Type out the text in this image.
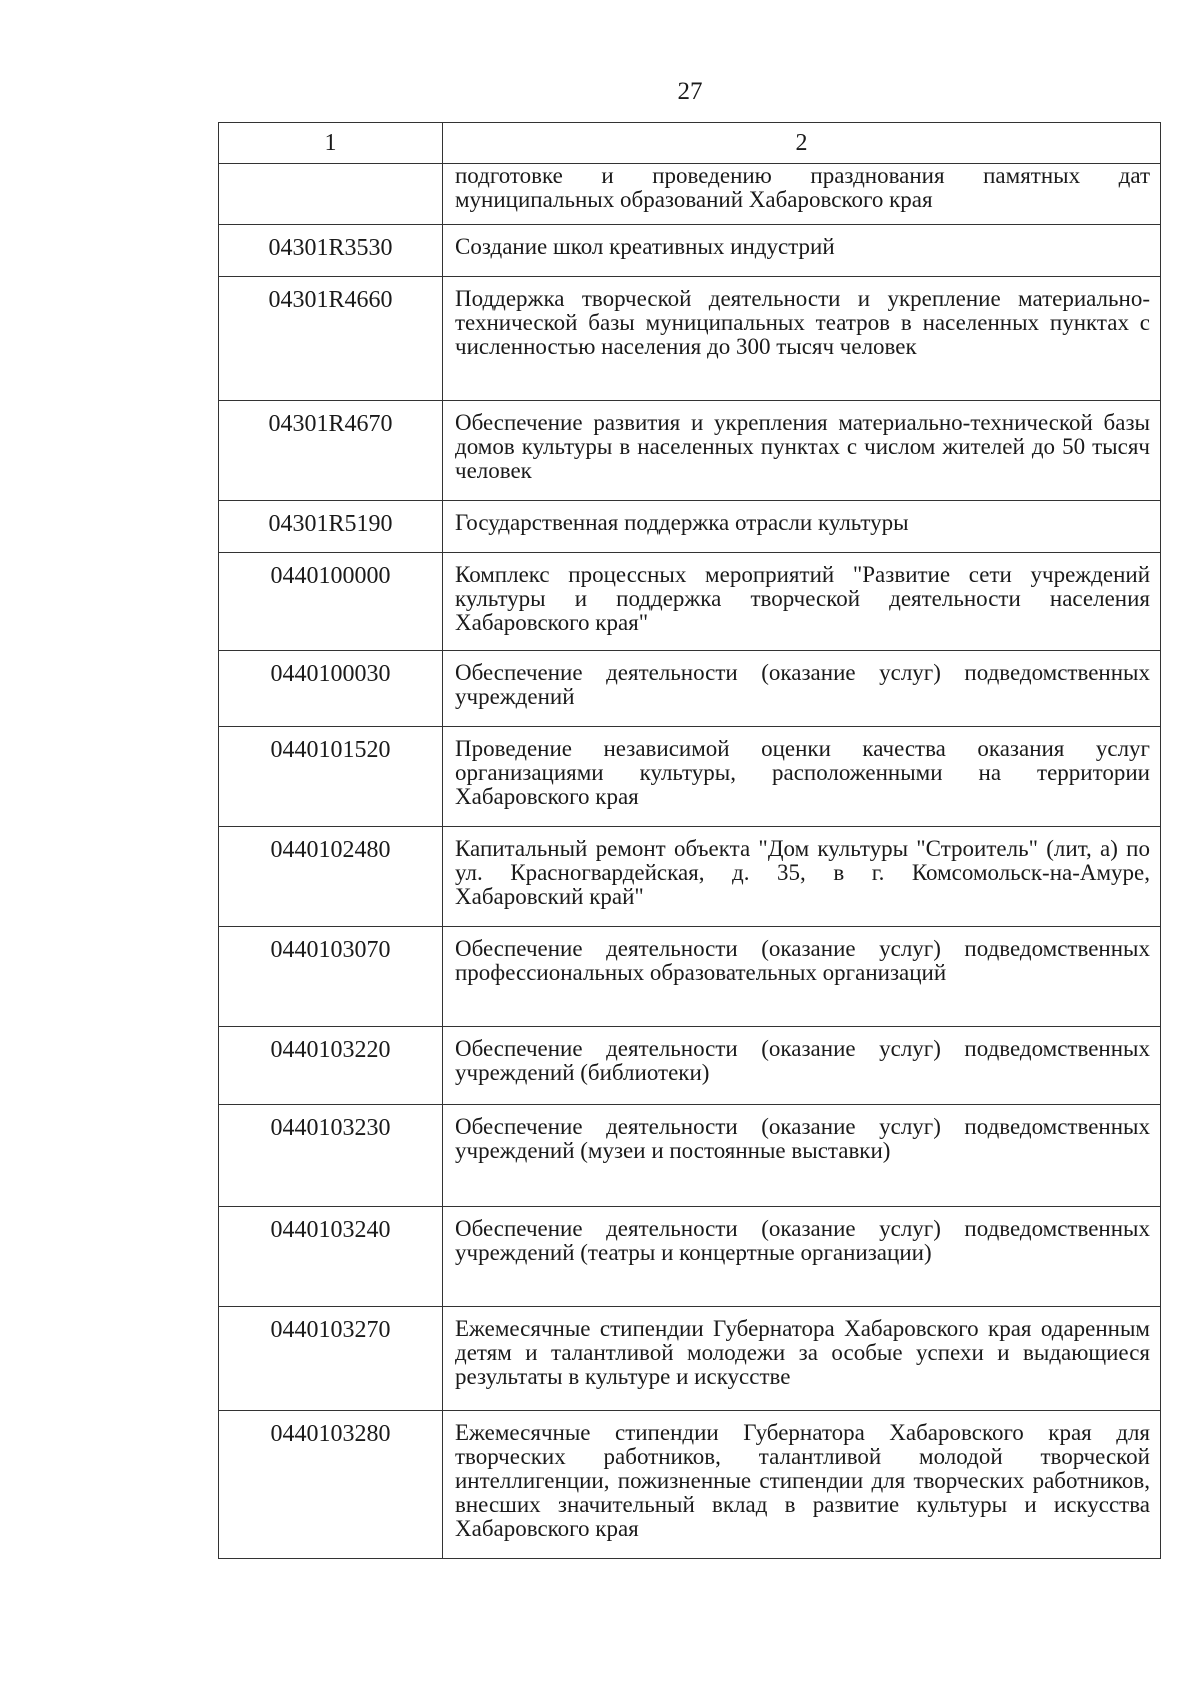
27
1	2
	подготовке и проведению празднования памятных дат муниципальных образований Хабаровского края
04301R3530	Создание школ креативных индустрий
04301R4660	Поддержка творческой деятельности и укрепление материально-технической базы муниципальных театров в населенных пунктах с численностью населения до 300 тысяч человек
04301R4670	Обеспечение развития и укрепления материально-технической базы домов культуры в населенных пунктах с числом жителей до 50 тысяч человек
04301R5190	Государственная поддержка отрасли культуры
0440100000	Комплекс процессных мероприятий "Развитие сети учреждений культуры и поддержка творческой деятельности населения Хабаровского края"
0440100030	Обеспечение деятельности (оказание услуг) подведомственных учреждений
0440101520	Проведение независимой оценки качества оказания услуг организациями культуры, расположенными на территории Хабаровского края
0440102480	Капитальный ремонт объекта "Дом культуры "Строитель" (лит, а) по ул. Красногвардейская, д. 35, в г. Комсомольск-на-Амуре, Хабаровский край"
0440103070	Обеспечение деятельности (оказание услуг) подведомственных профессиональных образовательных организаций
0440103220	Обеспечение деятельности (оказание услуг) подведомственных учреждений (библиотеки)
0440103230	Обеспечение деятельности (оказание услуг) подведомственных учреждений (музеи и постоянные выставки)
0440103240	Обеспечение деятельности (оказание услуг) подведомственных учреждений (театры и концертные организации)
0440103270	Ежемесячные стипендии Губернатора Хабаровского края одаренным детям и талантливой молодежи за особые успехи и выдающиеся результаты в культуре и искусстве
0440103280	Ежемесячные стипендии Губернатора Хабаровского края для творческих работников, талантливой молодой творческой интеллигенции, пожизненные стипендии для творческих работников, внесших значительный вклад в развитие культуры и искусства Хабаровского края
